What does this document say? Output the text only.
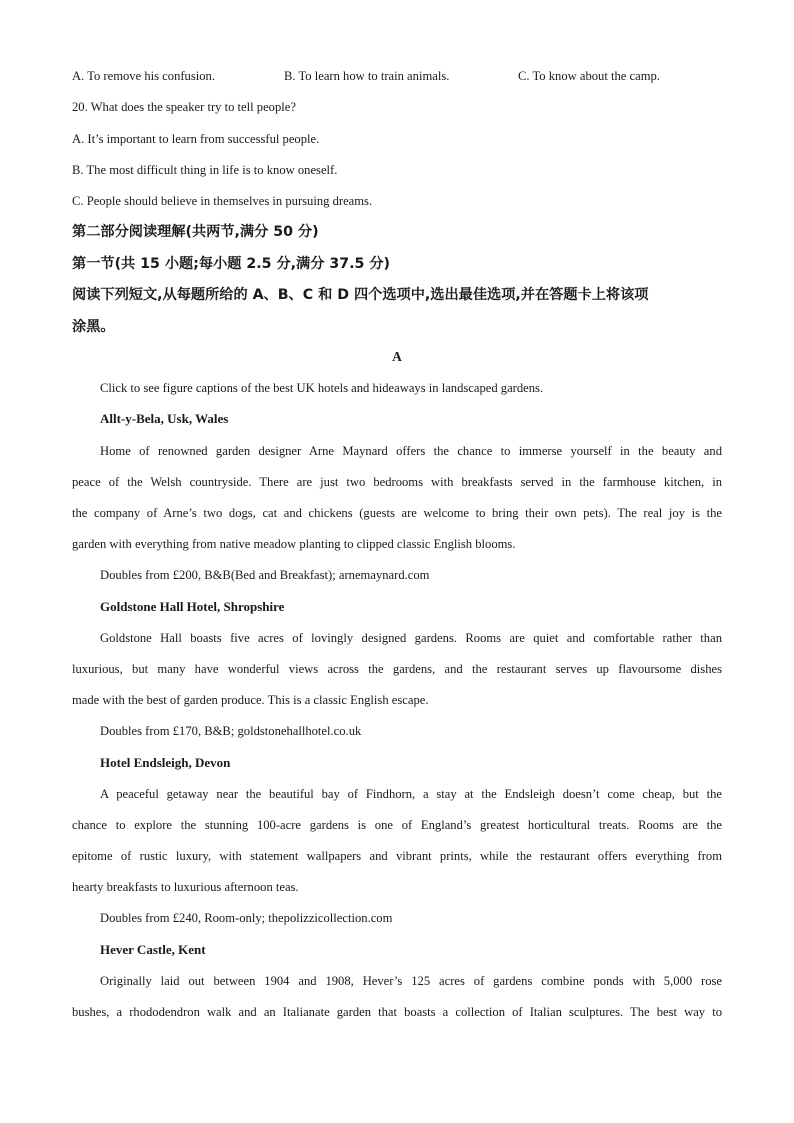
A. To remove his confusion.	B. To learn how to train animals.	C. To know about the camp.
20. What does the speaker try to tell people?
A. It’s important to learn from successful people.
B. The most difficult thing in life is to know oneself.
C. People should believe in themselves in pursuing dreams.
第二部分阅读理解(共两节,满分 50 分)
第一节(共 15 小题;每小题 2.5 分,满分 37.5 分)
阅读下列短文,从每题所给的 A、B、C 和 D 四个选项中,选出最佳选项,并在答题卡上将该项
涂黑。
A
Click to see figure captions of the best UK hotels and hideaways in landscaped gardens.
Allt-y-Bela, Usk, Wales
Home of renowned garden designer Arne Maynard offers the chance to immerse yourself in the beauty and
peace of the Welsh countryside. There are just two bedrooms with breakfasts served in the farmhouse kitchen, in
the company of Arne’s two dogs, cat and chickens (guests are welcome to bring their own pets). The real joy is the
garden with everything from native meadow planting to clipped classic English blooms.
Doubles from £200, B&B(Bed and Breakfast); arnemaynard.com
Goldstone Hall Hotel, Shropshire
Goldstone Hall boasts five acres of lovingly designed gardens. Rooms are quiet and comfortable rather than
luxurious, but many have wonderful views across the gardens, and the restaurant serves up flavoursome dishes
made with the best of garden produce. This is a classic English escape.
Doubles from £170, B&B; goldstonehallhotel.co.uk
Hotel Endsleigh, Devon
A peaceful getaway near the beautiful bay of Findhorn, a stay at the Endsleigh doesn’t come cheap, but the
chance to explore the stunning 100-acre gardens is one of England’s greatest horticultural treats. Rooms are the
epitome of rustic luxury, with statement wallpapers and vibrant prints, while the restaurant offers everything from
hearty breakfasts to luxurious afternoon teas.
Doubles from £240, Room-only; thepolizzicollection.com
Hever Castle, Kent
Originally laid out between 1904 and 1908, Hever’s 125 acres of gardens combine ponds with 5,000 rose
bushes, a rhododendron walk and an Italianate garden that boasts a collection of Italian sculptures. The best way to
